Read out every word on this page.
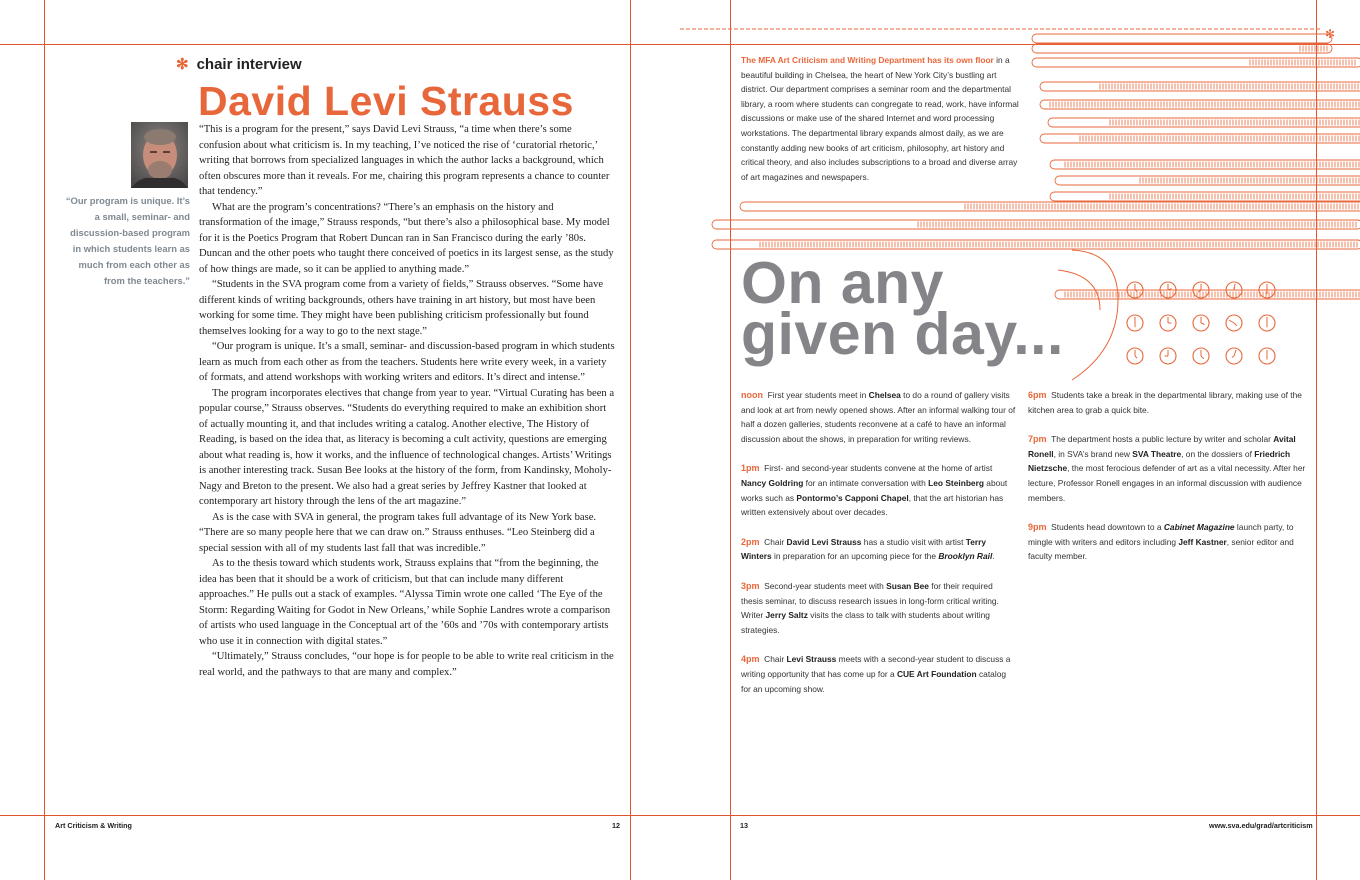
✻ chair interview
David Levi Strauss
“Our program is unique. It’s a small, seminar- and discussion-based program in which students learn as much from each other as from the teachers.”

“This is a program for the present,” says David Levi Strauss, “a time when there’s some confusion about what criticism is. In my teaching, I’ve noticed the rise of ‘curatorial rhetoric,’ writing that borrows from specialized languages in which the author lacks a background, which often obscures more than it reveals. For me, chairing this program represents a chance to counter that tendency.”

What are the program’s concentrations? “There’s an emphasis on the history and transformation of the image,” Strauss responds, “but there’s also a philosophical base. My model for it is the Poetics Program that Robert Duncan ran in San Francisco during the early ’80s. Duncan and the other poets who taught there conceived of poetics in its largest sense, as the study of how things are made, so it can be applied to anything made.”

“Students in the SVA program come from a variety of fields,” Strauss observes. “Some have different kinds of writing backgrounds, others have training in art history, but most have been working for some time. They might have been publishing criticism professionally but found themselves looking for a way to go to the next stage.”

“Our program is unique. It’s a small, seminar- and discussion-based program in which students learn as much from each other as from the teachers. Students here write every week, in a variety of formats, and attend workshops with working writers and editors. It’s direct and intense.”

The program incorporates electives that change from year to year. “Virtual Curating has been a popular course,” Strauss observes. “Students do everything required to make an exhibition short of actually mounting it, and that includes writing a catalog. Another elective, The History of Reading, is based on the idea that, as literacy is becoming a cult activity, questions are emerging about what reading is, how it works, and the influence of technological changes. Artists’ Writings is another interesting track. Susan Bee looks at the history of the form, from Kandinsky, Moholy-Nagy and Breton to the present. We also had a great series by Jeffrey Kastner that looked at contemporary art history through the lens of the art magazine.”

As is the case with SVA in general, the program takes full advantage of its New York base. “There are so many people here that we can draw on.” Strauss enthuses. “Leo Steinberg did a special session with all of my students last fall that was incredible.”

As to the thesis toward which students work, Strauss explains that “from the beginning, the idea has been that it should be a work of criticism, but that can include many different approaches.” He pulls out a stack of examples. “Alyssa Timin wrote one called ‘The Eye of the Storm: Regarding Waiting for Godot in New Orleans,’ while Sophie Landres wrote a comparison of artists who used language in the Conceptual art of the ’60s and ’70s with contemporary artists who use it in connection with digital states.”

“Ultimately,” Strauss concludes, “our hope is for people to be able to write real criticism in the real world, and the pathways to that are many and complex.”

Art Criticism & Writing	12
The MFA Art Criticism and Writing Department has its own floor in a beautiful building in Chelsea, the heart of New York City’s bustling art district. Our department comprises a seminar room and the departmental library, a room where students can congregate to read, work, have informal discussions or make use of the shared Internet and word processing workstations. The departmental library expands almost daily, as we are constantly adding new books of art criticism, philosophy, art history and critical theory, and also includes subscriptions to a broad and diverse array of art magazines and newspapers.
✻
On any
given day...
noon  First year students meet in Chelsea to do a round of gallery visits and look at art from newly opened shows. After an informal walking tour of half a dozen galleries, students reconvene at a café to have an informal discussion about the shows, in preparation for writing reviews.
1pm  First- and second-year students convene at the home of artist Nancy Goldring for an intimate conversation with Leo Steinberg about works such as Pontormo’s Capponi Chapel, that the art historian has written extensively about over decades.
2pm  Chair David Levi Strauss has a studio visit with artist Terry Winters in preparation for an upcoming piece for the Brooklyn Rail.
3pm  Second-year students meet with Susan Bee for their required thesis seminar, to discuss research issues in long-form critical writing. Writer Jerry Saltz visits the class to talk with students about writing strategies.
4pm  Chair Levi Strauss meets with a second-year student to discuss a writing opportunity that has come up for a CUE Art Foundation catalog for an upcoming show.
6pm  Students take a break in the departmental library, making use of the kitchen area to grab a quick bite.
7pm  The department hosts a public lecture by writer and scholar Avital Ronell, in SVA’s brand new SVA Theatre, on the dossiers of Friedrich Nietzsche, the most ferocious defender of art as a vital necessity. After her lecture, Professor Ronell engages in an informal discussion with audience members.
9pm  Students head downtown to a Cabinet Magazine launch party, to mingle with writers and editors including Jeff Kastner, senior editor and faculty member.
13	www.sva.edu/grad/artcriticism
